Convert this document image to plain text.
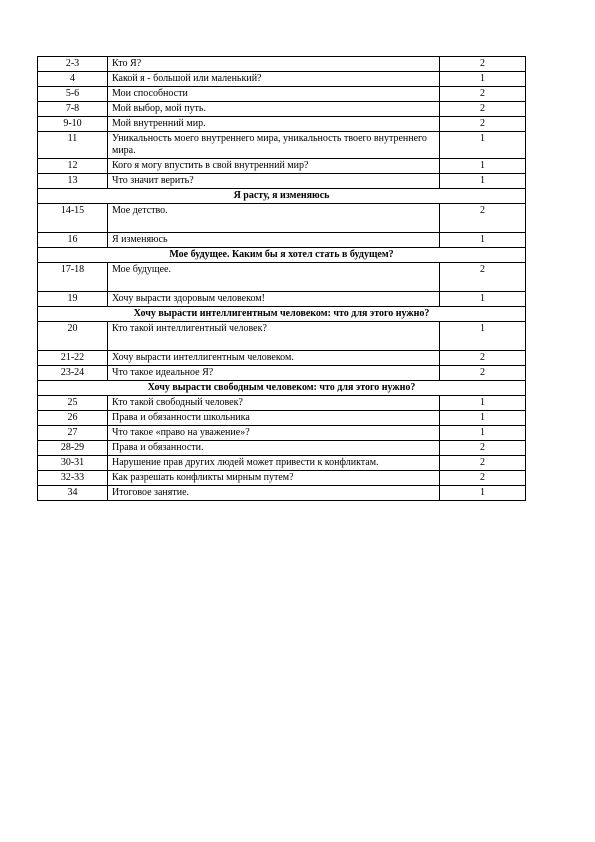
2-3	Кто Я?	2
4	Какой я - большой или маленький?	1
5-6	Мои способности	2
7-8	Мой выбор, мой путь.	2
9-10	Мой внутренний мир.	2
11	Уникальность моего внутреннего мира, уникальность твоего внутреннего мира.	1
12	Кого я могу впустить в свой внутренний мир?	1
13	Что значит верить?	1
Я расту, я изменяюсь		
14-15	Мое детство.	2
16	Я изменяюсь	1
Мое будущее. Каким бы я хотел стать в будущем?		
17-18	Мое будущее.	2
19	Хочу вырасти здоровым человеком!	1
Хочу вырасти интеллигентным человеком: что для этого нужно?		
20	Кто такой интеллигентный человек?	1
21-22	Хочу вырасти интеллигентным человеком.	2
23-24	Что такое идеальное Я?	2
Хочу вырасти свободным человеком: что для этого нужно?		
25	Кто такой свободный человек?	1
26	Права и обязанности школьника	1
27	Что такое «право на уважение»?	1
28-29	Права и обязанности.	2
30-31	Нарушение прав других людей может привести к конфликтам.	2
32-33	Как разрешать конфликты мирным путем?	2
34	Итоговое занятие.	1
